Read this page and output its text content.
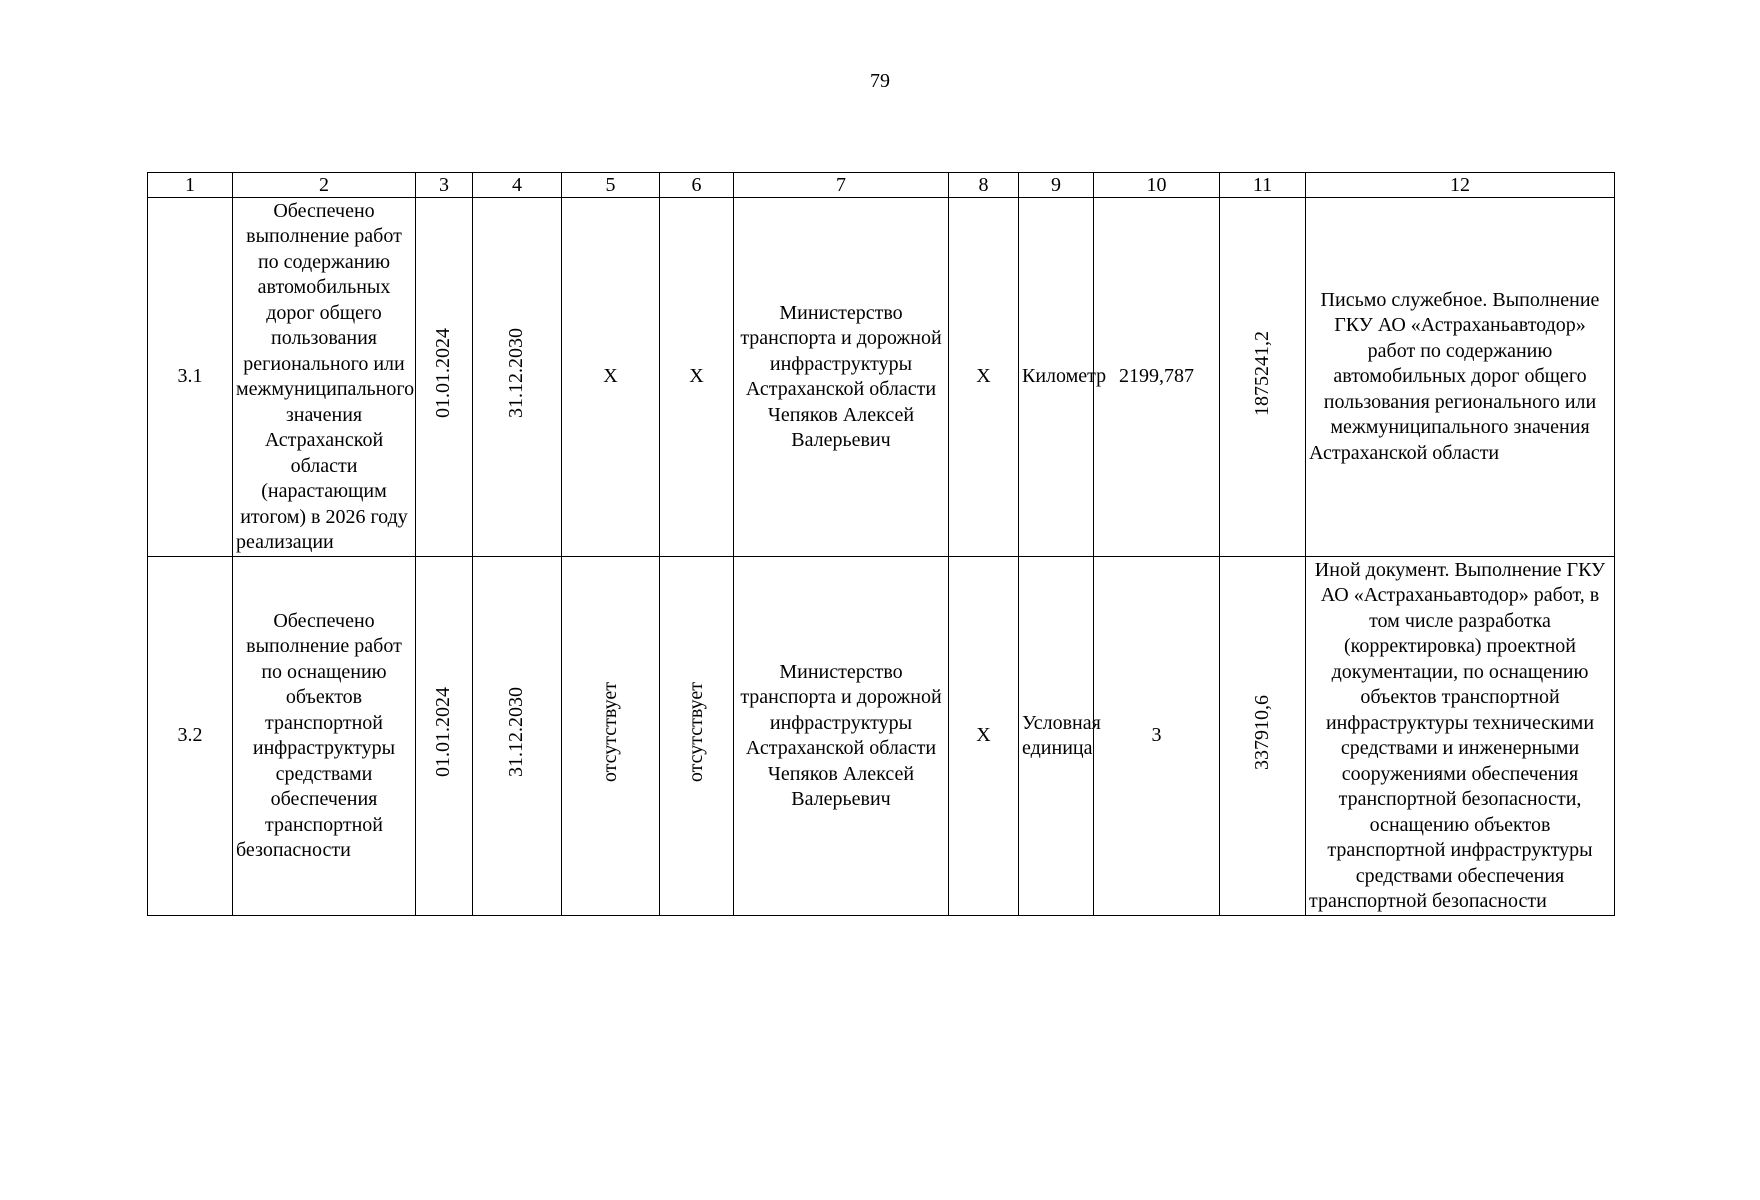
79
1	2	3	4	5	6	7	8	9	10	11	12
3.1	Обеспечено выполнение работ по содержанию автомобильных дорог общего пользования регионального или межмуниципального значения Астраханской области (нарастающим итогом) в 2026 году реализации	01.01.2024	31.12.2030	Х	Х	Министерство транспорта и дорожной инфраструктуры Астраханской области Чепяков Алексей Валерьевич	Х	Километр	2199,787	1875241,2	Письмо служебное. Выполнение ГКУ АО «Астраханьавтодор» работ по содержанию автомобильных дорог общего пользования регионального или межмуниципального значения Астраханской области
3.2	Обеспечено выполнение работ по оснащению объектов транспортной инфраструктуры средствами обеспечения транспортной безопасности	01.01.2024	31.12.2030	отсутствует	отсутствует	Министерство транспорта и дорожной инфраструктуры Астраханской области Чепяков Алексей Валерьевич	Х	Условная единица	3	337910,6	Иной документ. Выполнение ГКУ АО «Астраханьавтодор» работ, в том числе разработка (корректировка) проектной документации, по оснащению объектов транспортной инфраструктуры техническими средствами и инженерными сооружениями обеспечения транспортной безопасности, оснащению объектов транспортной инфраструктуры средствами обеспечения транспортной безопасности
